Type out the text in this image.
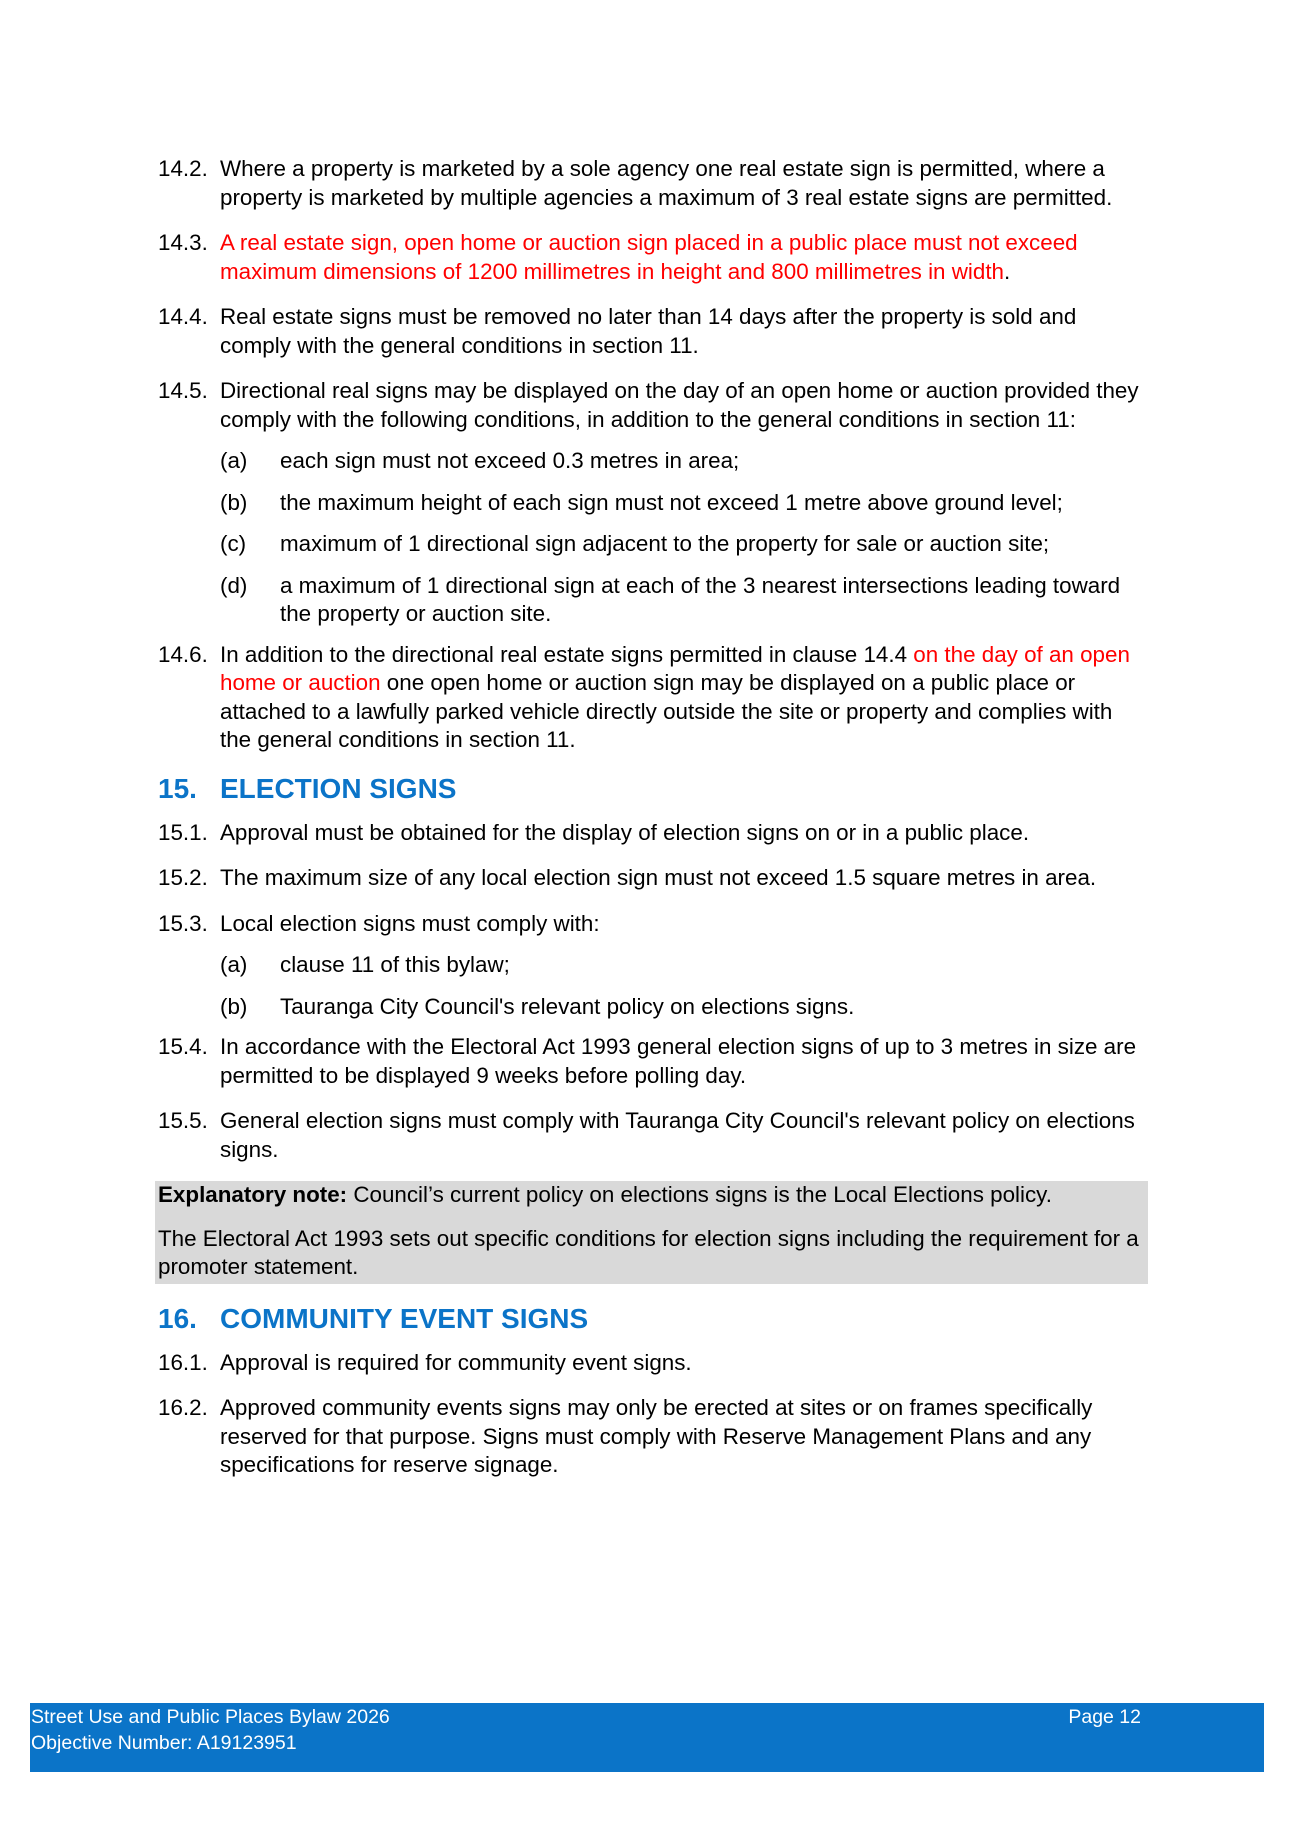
14.2. Where a property is marketed by a sole agency one real estate sign is permitted, where a property is marketed by multiple agencies a maximum of 3 real estate signs are permitted.
14.3. A real estate sign, open home or auction sign placed in a public place must not exceed maximum dimensions of 1200 millimetres in height and 800 millimetres in width.
14.4. Real estate signs must be removed no later than 14 days after the property is sold and comply with the general conditions in section 11.
14.5. Directional real signs may be displayed on the day of an open home or auction provided they comply with the following conditions, in addition to the general conditions in section 11:
(a)	each sign must not exceed 0.3 metres in area;
(b)	the maximum height of each sign must not exceed 1 metre above ground level;
(c)	maximum of 1 directional sign adjacent to the property for sale or auction site;
(d)	a maximum of 1 directional sign at each of the 3 nearest intersections leading toward the property or auction site.
14.6. In addition to the directional real estate signs permitted in clause 14.4 on the day of an open home or auction one open home or auction sign may be displayed on a public place or attached to a lawfully parked vehicle directly outside the site or property and complies with the general conditions in section 11.
15. ELECTION SIGNS
15.1. Approval must be obtained for the display of election signs on or in a public place.
15.2. The maximum size of any local election sign must not exceed 1.5 square metres in area.
15.3. Local election signs must comply with:
(a)	clause 11 of this bylaw;
(b)	Tauranga City Council's relevant policy on elections signs.
15.4. In accordance with the Electoral Act 1993 general election signs of up to 3 metres in size are permitted to be displayed 9 weeks before polling day.
15.5. General election signs must comply with Tauranga City Council's relevant policy on elections signs.
Explanatory note: Council’s current policy on elections signs is the Local Elections policy.
The Electoral Act 1993 sets out specific conditions for election signs including the requirement for a promoter statement.
16. COMMUNITY EVENT SIGNS
16.1. Approval is required for community event signs.
16.2. Approved community events signs may only be erected at sites or on frames specifically reserved for that purpose. Signs must comply with Reserve Management Plans and any specifications for reserve signage.
Street Use and Public Places Bylaw 2026	Page 12
Objective Number: A19123951
